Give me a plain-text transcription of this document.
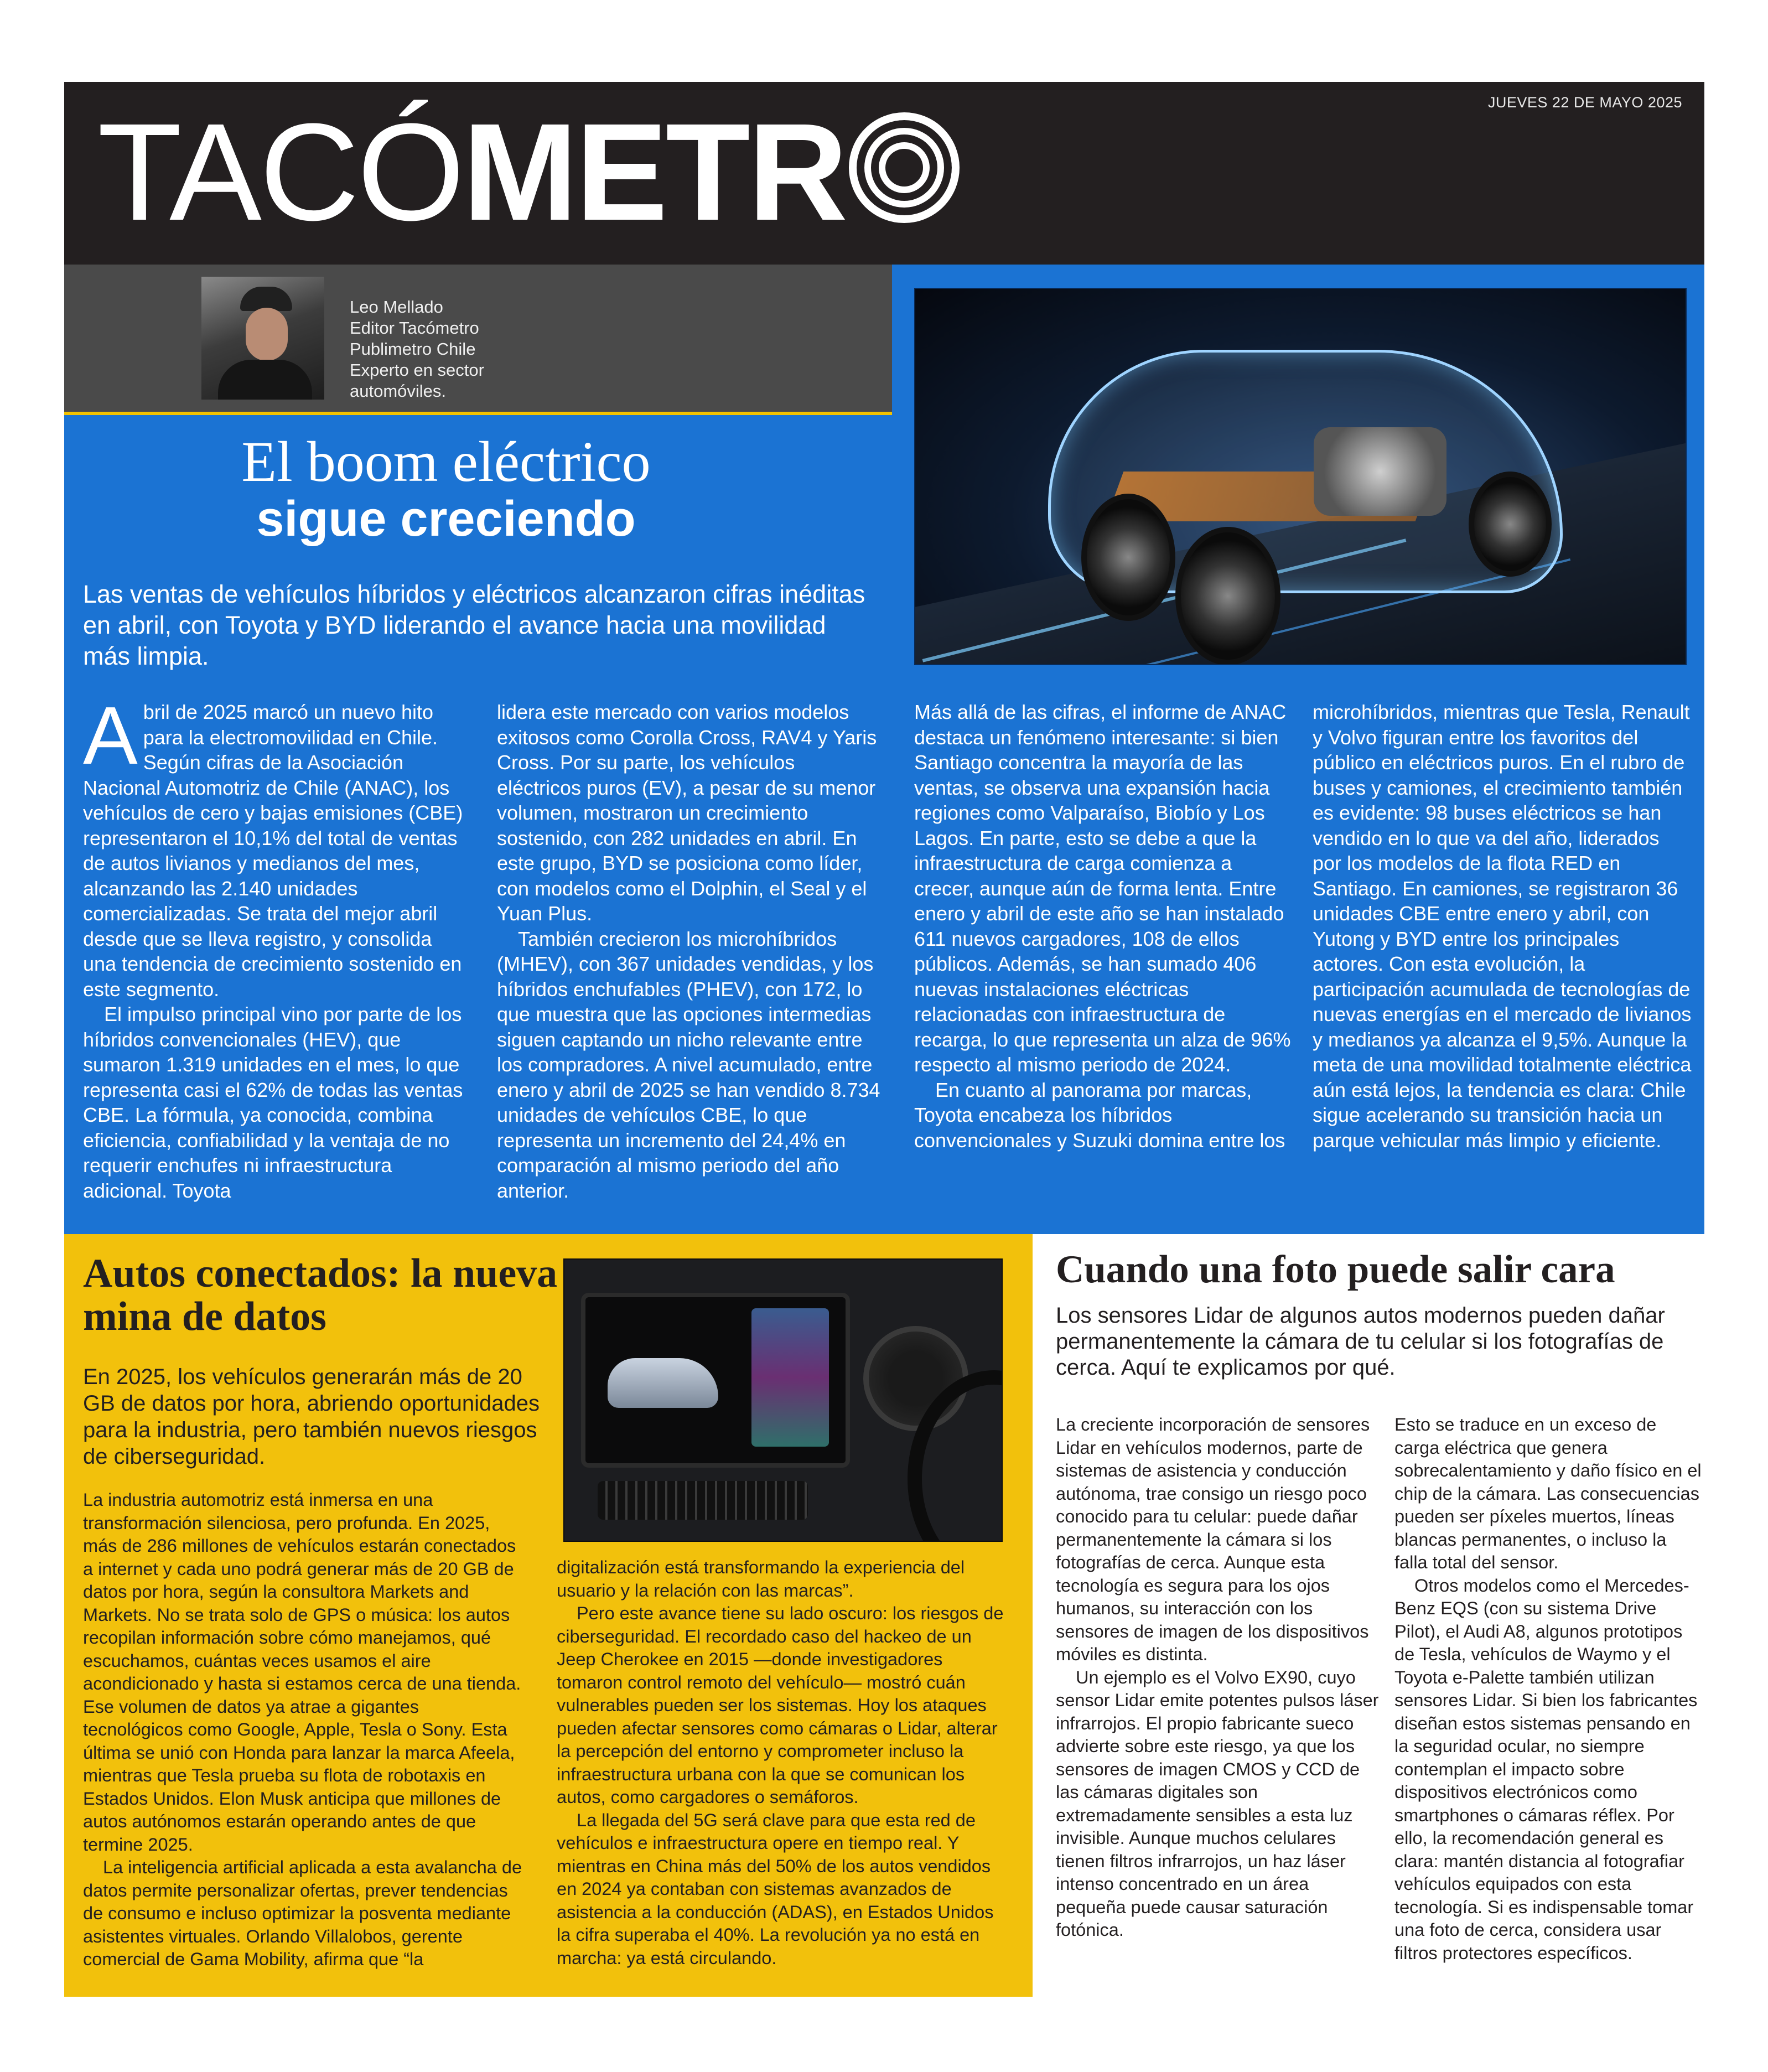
JUEVES 22 DE MAYO 2025
TACÓMETR
Leo Mellado
Editor Tacómetro
Publimetro Chile
Experto en sector
automóviles.
El boom eléctrico
sigue creciendo
Las ventas de vehículos híbridos y eléctricos alcanzaron cifras inéditas en abril, con Toyota y BYD liderando el avance hacia una movilidad más limpia.

Abril de 2025 marcó un nuevo hito para la electromovilidad en Chile. Según cifras de la Asociación Nacional Automotriz de Chile (ANAC), los vehículos de cero y bajas emisiones (CBE) representaron el 10,1% del total de ventas de autos livianos y medianos del mes, alcanzando las 2.140 unidades comercializadas. Se trata del mejor abril desde que se lleva registro, y consolida una tendencia de crecimiento sostenido en este segmento.

El impulso principal vino por parte de los híbridos convencionales (HEV), que sumaron 1.319 unidades en el mes, lo que representa casi el 62% de todas las ventas CBE. La fórmula, ya conocida, combina eficiencia, confiabilidad y la ventaja de no requerir enchufes ni infraestructura adicional. Toyota

lidera este mercado con varios modelos exitosos como Corolla Cross, RAV4 y Yaris Cross. Por su parte, los vehículos eléctricos puros (EV), a pesar de su menor volumen, mostraron un crecimiento sostenido, con 282 unidades en abril. En este grupo, BYD se posiciona como líder, con modelos como el Dolphin, el Seal y el Yuan Plus.

También crecieron los microhíbridos (MHEV), con 367 unidades vendidas, y los híbridos enchufables (PHEV), con 172, lo que muestra que las opciones intermedias siguen captando un nicho relevante entre los compradores. A nivel acumulado, entre enero y abril de 2025 se han vendido 8.734 unidades de vehículos CBE, lo que representa un incremento del 24,4% en comparación al mismo periodo del año anterior.

Más allá de las cifras, el informe de ANAC destaca un fenómeno interesante: si bien Santiago concentra la mayoría de las ventas, se observa una expansión hacia regiones como Valparaíso, Biobío y Los Lagos. En parte, esto se debe a que la infraestructura de carga comienza a crecer, aunque aún de forma lenta. Entre enero y abril de este año se han instalado 611 nuevos cargadores, 108 de ellos públicos. Además, se han sumado 406 nuevas instalaciones eléctricas relacionadas con infraestructura de recarga, lo que representa un alza de 96% respecto al mismo periodo de 2024.

En cuanto al panorama por marcas, Toyota encabeza los híbridos convencionales y Suzuki domina entre los

microhíbridos, mientras que Tesla, Renault y Volvo figuran entre los favoritos del público en eléctricos puros. En el rubro de buses y camiones, el crecimiento también es evidente: 98 buses eléctricos se han vendido en lo que va del año, liderados por los modelos de la flota RED en Santiago. En camiones, se registraron 36 unidades CBE entre enero y abril, con Yutong y BYD entre los principales actores. Con esta evolución, la participación acumulada de tecnologías de nuevas energías en el mercado de livianos y medianos ya alcanza el 9,5%. Aunque la meta de una movilidad totalmente eléctrica aún está lejos, la tendencia es clara: Chile sigue acelerando su transición hacia un parque vehicular más limpio y eficiente.

Autos conectados: la nueva mina de datos
En 2025, los vehículos generarán más de 20 GB de datos por hora, abriendo oportunidades para la industria, pero también nuevos riesgos de ciberseguridad.

La industria automotriz está inmersa en una transformación silenciosa, pero profunda. En 2025, más de 286 millones de vehículos estarán conectados a internet y cada uno podrá generar más de 20 GB de datos por hora, según la consultora Markets and Markets. No se trata solo de GPS o música: los autos recopilan información sobre cómo manejamos, qué escuchamos, cuántas veces usamos el aire acondicionado y hasta si estamos cerca de una tienda. Ese volumen de datos ya atrae a gigantes tecnológicos como Google, Apple, Tesla o Sony. Esta última se unió con Honda para lanzar la marca Afeela, mientras que Tesla prueba su flota de robotaxis en Estados Unidos. Elon Musk anticipa que millones de autos autónomos estarán operando antes de que termine 2025.

La inteligencia artificial aplicada a esta avalancha de datos permite personalizar ofertas, prever tendencias de consumo e incluso optimizar la posventa mediante asistentes virtuales. Orlando Villalobos, gerente comercial de Gama Mobility, afirma que “la

digitalización está transformando la experiencia del usuario y la relación con las marcas”.

Pero este avance tiene su lado oscuro: los riesgos de ciberseguridad. El recordado caso del hackeo de un Jeep Cherokee en 2015 —donde investigadores tomaron control remoto del vehículo— mostró cuán vulnerables pueden ser los sistemas. Hoy los ataques pueden afectar sensores como cámaras o Lidar, alterar la percepción del entorno y comprometer incluso la infraestructura urbana con la que se comunican los autos, como cargadores o semáforos.

La llegada del 5G será clave para que esta red de vehículos e infraestructura opere en tiempo real. Y mientras en China más del 50% de los autos vendidos en 2024 ya contaban con sistemas avanzados de asistencia a la conducción (ADAS), en Estados Unidos la cifra superaba el 40%. La revolución ya no está en marcha: ya está circulando.

Cuando una foto puede salir cara
Los sensores Lidar de algunos autos modernos pueden dañar permanentemente la cámara de tu celular si los fotografías de cerca. Aquí te explicamos por qué.

La creciente incorporación de sensores Lidar en vehículos modernos, parte de sistemas de asistencia y conducción autónoma, trae consigo un riesgo poco conocido para tu celular: puede dañar permanentemente la cámara si los fotografías de cerca. Aunque esta tecnología es segura para los ojos humanos, su interacción con los sensores de imagen de los dispositivos móviles es distinta.

Un ejemplo es el Volvo EX90, cuyo sensor Lidar emite potentes pulsos láser infrarrojos. El propio fabricante sueco advierte sobre este riesgo, ya que los sensores de imagen CMOS y CCD de las cámaras digitales son extremadamente sensibles a esta luz invisible. Aunque muchos celulares tienen filtros infrarrojos, un haz láser intenso concentrado en un área pequeña puede causar saturación fotónica.

Esto se traduce en un exceso de carga eléctrica que genera sobrecalentamiento y daño físico en el chip de la cámara. Las consecuencias pueden ser píxeles muertos, líneas blancas permanentes, o incluso la falla total del sensor.

Otros modelos como el Mercedes-Benz EQS (con su sistema Drive Pilot), el Audi A8, algunos prototipos de Tesla, vehículos de Waymo y el Toyota e-Palette también utilizan sensores Lidar. Si bien los fabricantes diseñan estos sistemas pensando en la seguridad ocular, no siempre contemplan el impacto sobre dispositivos electrónicos como smartphones o cámaras réflex. Por ello, la recomendación general es clara: mantén distancia al fotografiar vehículos equipados con esta tecnología. Si es indispensable tomar una foto de cerca, considera usar filtros protectores específicos.
